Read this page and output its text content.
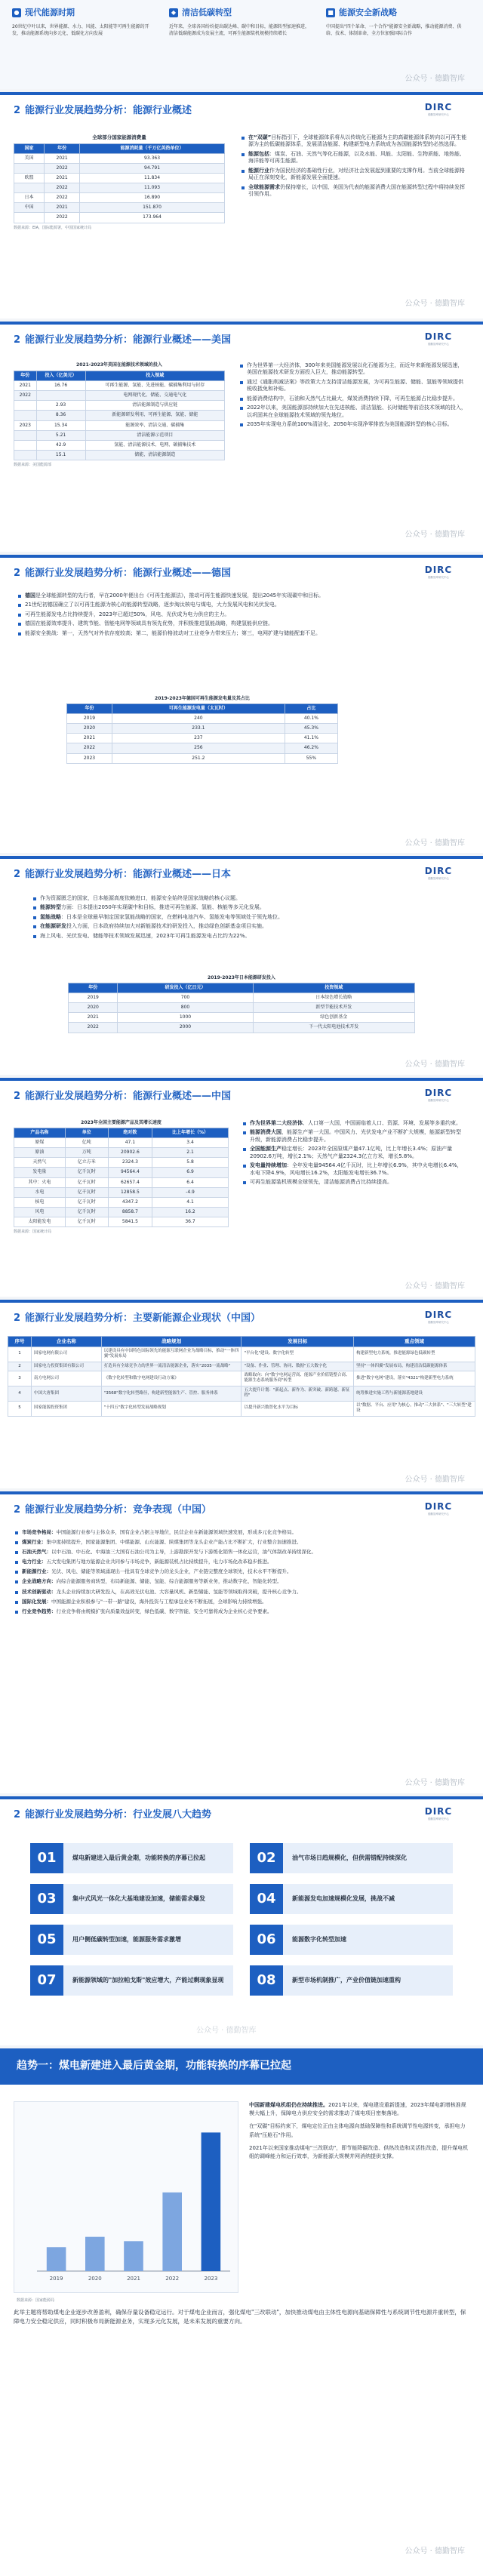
● 现代能源时期
20世纪中叶以来，世界能源、水力、风能、太阳能等可再生能源的开发，推动能源系统向多元化、低碳化方向发展
◆ 清洁低碳转型
近年来，全球各国纷纷提出碳达峰、碳中和目标，能源转型加速推进，清洁低碳能源成为发展主流，可再生能源装机规模持续增长
■ 能源安全新战略
中国提出"四个革命、一个合作"能源安全新战略，推动能源消费、供给、技术、体制革命，全方位加强国际合作
公众号 · 德勤智库
2 能源行业发展趋势分析：能源行业概述	DIRC
德勤智库研究中心
全球部分国家能源消费量
国家	年份	能源消耗量（千万亿英热单位）
美国	2021	93.363
	2022	94.791
欧盟	2021	11.834
	2022	11.093
日本	2022	16.890
中国	2021	151.870
	2022	173.964
数据来源：EIA，国际能源署，中国国家统计局
在“双碳”目标指引下，全球能源体系将从以传统化石能源为主的高碳能源体系转向以可再生能源为主的低碳能源体系，发展清洁能源、构建新型电力系统成为各国能源转型的必然选择。
能源包括：煤炭、石油、天然气等化石能源，以及水能、风能、太阳能、生物质能、地热能、海洋能等可再生能源。
能源行业作为国民经济的基础性行业，对经济社会发展起到重要的支撑作用。当前全球能源格局正在深刻变化，新能源发展全面提速。
全球能源需求仍保持增长，以中国、美国为代表的能源消费大国在能源转型过程中将持续发挥引领作用。
公众号 · 德勤智库
2 能源行业发展趋势分析：能源行业概述——美国	DIRC
德勤智库研究中心
2021-2023年美国在能源技术领域的投入
年份	投入（亿美元）	投入领域
2021	16.76	可再生能源、氢能、先进核能、碳捕集利用与封存
2022		电网现代化、储能、交通电气化
	2.93	清洁能源制造与供应链
	8.36	新能源研发利用、可再生能源、氢能、储能
2023	15.34	能源效率、清洁交通、碳捕集
	5.21	清洁能源示范项目
	42.9	氢能、清洁能源技术、电网、碳捕集技术
	15.1	储能、清洁能源制造
数据来源：美国能源部
作为世界第一大经济体，300年来美国能源发展以化石能源为主，而近年来新能源发展迅速，美国在能源技术研发方面投入巨大，推动能源转型。
通过《通胀削减法案》等政策大力支持清洁能源发展，为可再生能源、储能、氢能等领域提供税收抵免和补贴。
能源消费结构中，石油和天然气占比最大，煤炭消费持续下降，可再生能源占比稳步提升。
2022年以来，美国能源部持续加大在先进核能、清洁氢能、长时储能等前沿技术领域的投入，以巩固其在全球能源技术领域的领先地位。
2035年实现电力系统100%清洁化、2050年实现净零排放为美国能源转型的核心目标。
公众号 · 德勤智库
2 能源行业发展趋势分析：能源行业概述——德国	DIRC
德勤智库研究中心
德国是全球能源转型的先行者，早在2000年便出台《可再生能源法》，推动可再生能源快速发展，提出2045年实现碳中和目标。
21世纪初德国确立了以可再生能源为核心的能源转型战略，逐步淘汰核电与煤电，大力发展风电和光伏发电。
可再生能源发电占比持续提升，2023年已超过50%，风电、光伏成为电力供应的主力。
德国在能源效率提升、建筑节能、智能电网等领域具有领先优势，并积极推进氢能战略，构建氢能供应链。
能源安全挑战：第一，天然气对外依存度较高；第二，能源价格波动对工业竞争力带来压力；第三，电网扩建与储能配套不足。
2019-2023年德国可再生能源发电量及其占比
年份	可再生能源发电量（太瓦时）	占比
2019	240	40.1%
2020	233.1	45.3%
2021	237	41.1%
2022	256	46.2%
2023	251.2	55%
公众号 · 德勤智库
2 能源行业发展趋势分析：能源行业概述——日本	DIRC
德勤智库研究中心
作为资源匮乏的国家，日本能源高度依赖进口，能源安全始终是国家战略的核心议题。
能源转型方面：日本提出2050年实现碳中和目标，推进可再生能源、氢能、核能等多元化发展。
氢能战略：日本是全球最早制定国家氢能战略的国家，在燃料电池汽车、氢能发电等领域处于领先地位。
在能源研发投入方面，日本政府持续加大对新能源技术的研发投入，推动绿色创新基金项目实施。
海上风电、光伏发电、储能等技术领域发展迅速，2023年可再生能源发电占比约为22%。
2019-2023年日本能源研发投入
年份	研发投入（亿日元）	投资领域
2019	700	日本绿色增长战略
2020	800	新型节能技术开发
2021	1000	绿色创新基金
2022	2000	下一代太阳电池技术开发
公众号 · 德勤智库
2 能源行业发展趋势分析：能源行业概述——中国	DIRC
德勤智库研究中心
2023年全国主要能源产品及其增长速度
产品名称	单位	绝对数	比上年增长（%）
原煤	亿吨	47.1	3.4
原油	万吨	20902.6	2.1
天然气	亿立方米	2324.3	5.8
发电量	亿千瓦时	94564.4	6.9
其中：火电	亿千瓦时	62657.4	6.4
水电	亿千瓦时	12858.5	-4.9
核电	亿千瓦时	4347.2	4.1
风电	亿千瓦时	8858.7	16.2
太阳能发电	亿千瓦时	5841.5	36.7
数据来源：国家统计局
作为世界第二大经济体、人口第一大国，中国面临着人口、资源、环境、发展等多重约束。
能源消费大国，能源生产第一大国。中国风力、光伏发电产业不断扩大规模，能源新型转型升级，新能源消费占比稳步提升。
全国能源生产稳定增长：2023年全国原煤产量47.1亿吨，比上年增长3.4%；原油产量20902.6万吨，增长2.1%；天然气产量2324.3亿立方米，增长5.8%。
发电量持续增加：全年发电量94564.4亿千瓦时，比上年增长6.9%，其中火电增长6.4%，水电下降4.9%，风电增长16.2%，太阳能发电增长36.7%。
可再生能源装机规模全球领先，清洁能源消费占比持续提高。
公众号 · 德勤智库
2 能源行业发展趋势分析：主要新能源企业现状（中国）	DIRC
德勤智库研究中心
序号	企业名称	战略规划	发展目标	重点领域
1	国家电网有限公司	以建设具有中国特色国际领先的能源互联网企业为战略目标，推动"一体四翼"发展布局	"平台化"建设、数字化转型	构建新型电力系统，推进能源绿色低碳转型
2	国家电力投资集团有限公司	打造具有全球竞争力的世界一流清洁能源企业，落实"2035一流战略"	"设备、作业、管理、协同、数据"五大数字化	坚持"一体四翼"发展布局，构建清洁低碳能源体系
3	南方电网公司	《数字化转型和数字电网建设行动方案》	战略取向：向"数字电网运营商、能源产业价值链整合商、能源生态系统服务商"转型	推进"数字电网"建设，落实"4321"构建新型电力系统
4	中国大唐集团	"3568"数字化转型路径，构建新型能源生产、管控、服务体系	五大提升计划："新起点、新作为、新突破、新跨越、新征程"	统筹推进实施工程与新能源基地建设
5	国家能源投资集团	"十四五"数字化转型发展战略规划	以提升新兴数智化水平为目标	以"数据、平台、应用"为核心，推动"三大体系"、"三大转型"建设
公众号 · 德勤智库
2 能源行业发展趋势分析：竞争表现（中国）	DIRC
德勤智库研究中心
市场竞争格局：中国能源行业参与主体众多，国有企业占据主导地位，民营企业在新能源领域快速发展，形成多元化竞争格局。
煤炭行业：集中度持续提升，国家能源集团、中煤能源、山东能源、陕煤集团等龙头企业产能占比不断扩大，行业整合加速推进。
石油天然气：以中石油、中石化、中海油三大国有石油公司为主导，上游勘探开发与下游炼化销售一体化运营，油气体制改革持续深化。
电力行业：五大发电集团与地方能源企业共同参与市场竞争，新能源装机占比持续提升，电力市场化改革稳步推进。
新能源行业：光伏、风电、储能等领域涌现出一批具有全球竞争力的龙头企业，产业链完整度全球领先，技术水平不断提升。
企业战略方向：向综合能源服务商转型，布局新能源、储能、氢能、综合能源服务等新业务，推动数字化、智能化转型。
技术创新驱动：龙头企业持续加大研发投入，在高效光伏电池、大容量风机、新型储能、氢能等领域取得突破，提升核心竞争力。
国际化发展：中国能源企业积极参与"一带一路"建设，海外投资与工程承包业务不断拓展，全球影响力持续增强。
行业竞争趋势：行业竞争将由规模扩张向质量效益转变，绿色低碳、数字智能、安全可靠将成为企业核心竞争要素。
公众号 · 德勤智库
2 能源行业发展趋势分析：行业发展八大趋势	DIRC
德勤智库研究中心
01	煤电新建进入最后黄金期，功能转换的序幕已拉起	02	油气市场日趋规模化，但供需错配持续深化
03	集中式风光一体化大基地建设加速，储能需求爆发	04	新能源发电加速规模化发展，挑战不减
05	用户侧低碳转型加速，能源服务需求激增	06	能源数字化转型加速
07	新能源领域的"加拉帕戈斯"效应增大，产能过剩现象显现	08	新型市场机制推广，产业价值链加速重构
公众号 · 德勤智库
趋势一：煤电新建进入最后黄金期，功能转换的序幕已拉起
2019	2020	2021	2022	2023
数据来源：国家能源局

中国新建煤电机组仍在持续推进。2021年以来，煤电建设重新提速，2023年煤电新增核准规模大幅上升，保障电力供应安全的需求推动了煤电项目密集落地。

在"双碳"目标约束下，煤电定位正由主体电源向基础保障性和系统调节性电源转变，承担电力系统"压舱石"作用。

2021年以来国家推动煤电"三改联动"，即节能降碳改造、供热改造和灵活性改造，提升煤电机组的调峰能力和运行效率，为新能源大规模并网消纳提供支撑。

此举主题将帮助煤电企业逐步改善盈利，确保存量设备稳定运行。对于煤电企业而言，强化煤电"三改联动"，加快推动煤电由主体性电源向基础保障性与系统调节性电源并重转型，保障电力安全稳定供应，同时积极布局新能源业务，实现多元化发展，是未来发展的重要方向。

公众号 · 德勤智库
